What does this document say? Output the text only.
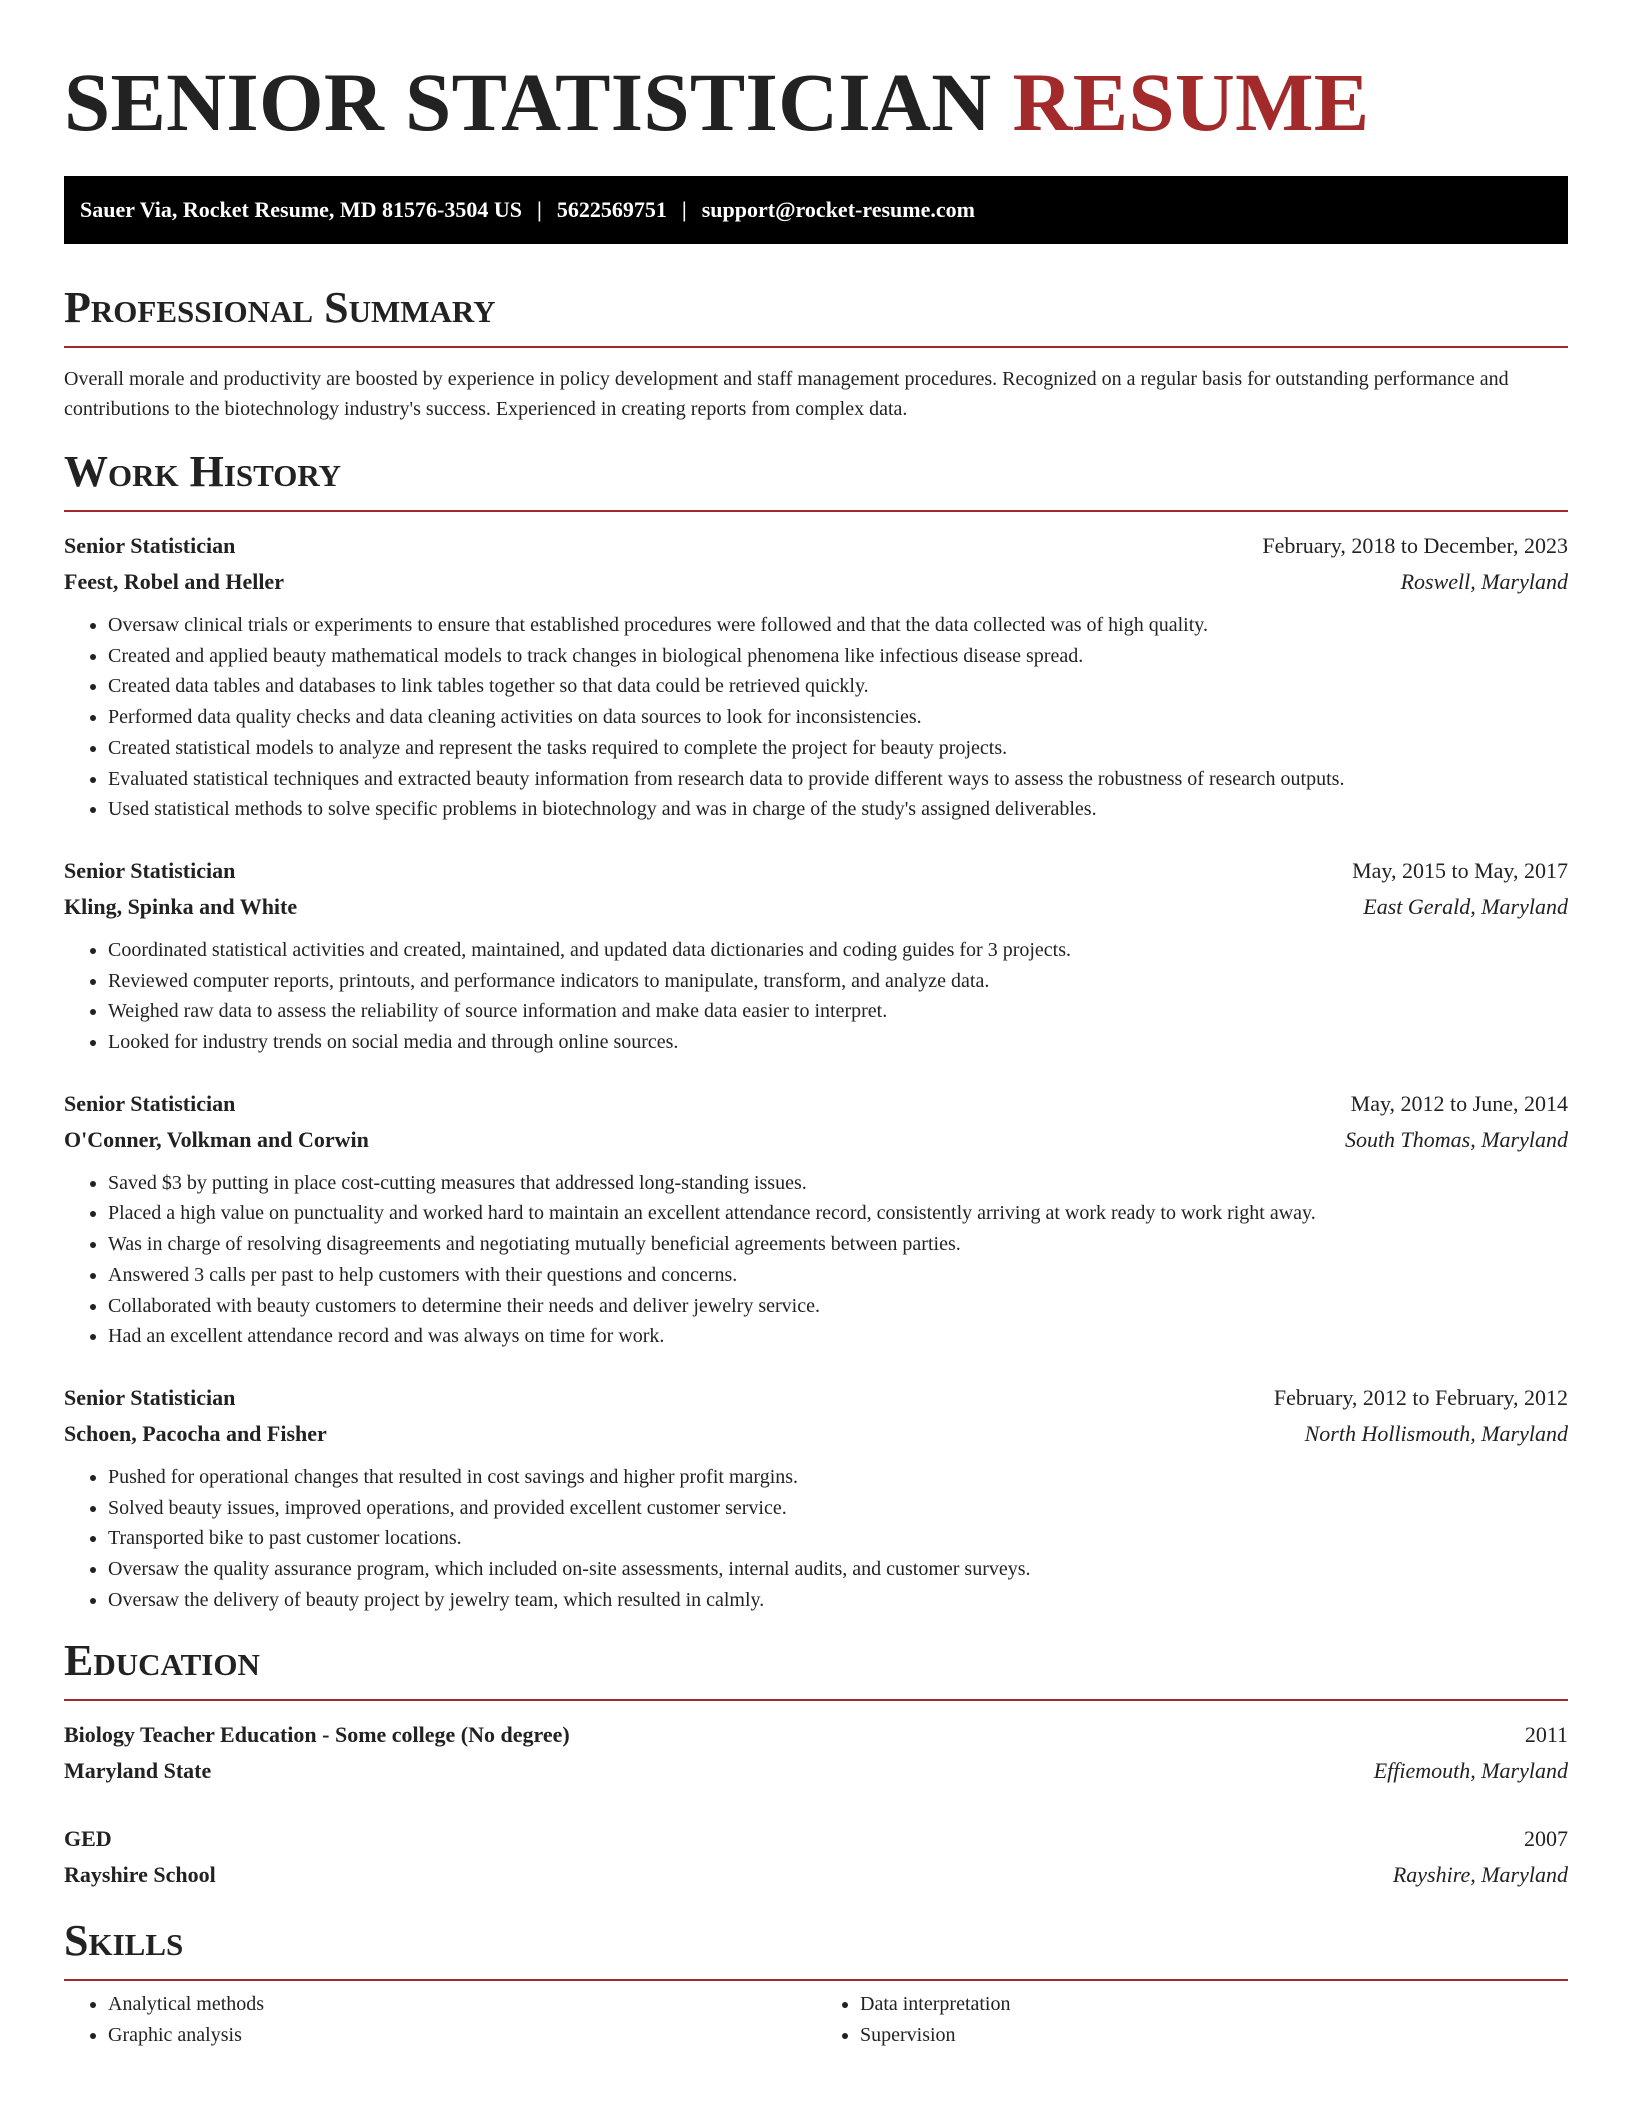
SENIOR STATISTICIAN RESUME
Sauer Via, Rocket Resume, MD 81576-3504 US | 5622569751 | support@rocket-resume.com
Professional Summary

Overall morale and productivity are boosted by experience in policy development and staff management procedures. Recognized on a regular basis for outstanding performance and contributions to the biotechnology industry's success. Experienced in creating reports from complex data.

Work History
Senior Statistician	February, 2018 to December, 2023
Feest, Robel and Heller	Roswell, Maryland
• Oversaw clinical trials or experiments to ensure that established procedures were followed and that the data collected was of high quality.
• Created and applied beauty mathematical models to track changes in biological phenomena like infectious disease spread.
• Created data tables and databases to link tables together so that data could be retrieved quickly.
• Performed data quality checks and data cleaning activities on data sources to look for inconsistencies.
• Created statistical models to analyze and represent the tasks required to complete the project for beauty projects.
• Evaluated statistical techniques and extracted beauty information from research data to provide different ways to assess the robustness of research outputs.
• Used statistical methods to solve specific problems in biotechnology and was in charge of the study's assigned deliverables.
Senior Statistician	May, 2015 to May, 2017
Kling, Spinka and White	East Gerald, Maryland
• Coordinated statistical activities and created, maintained, and updated data dictionaries and coding guides for 3 projects.
• Reviewed computer reports, printouts, and performance indicators to manipulate, transform, and analyze data.
• Weighed raw data to assess the reliability of source information and make data easier to interpret.
• Looked for industry trends on social media and through online sources.
Senior Statistician	May, 2012 to June, 2014
O'Conner, Volkman and Corwin	South Thomas, Maryland
• Saved $3 by putting in place cost-cutting measures that addressed long-standing issues.
• Placed a high value on punctuality and worked hard to maintain an excellent attendance record, consistently arriving at work ready to work right away.
• Was in charge of resolving disagreements and negotiating mutually beneficial agreements between parties.
• Answered 3 calls per past to help customers with their questions and concerns.
• Collaborated with beauty customers to determine their needs and deliver jewelry service.
• Had an excellent attendance record and was always on time for work.
Senior Statistician	February, 2012 to February, 2012
Schoen, Pacocha and Fisher	North Hollismouth, Maryland
• Pushed for operational changes that resulted in cost savings and higher profit margins.
• Solved beauty issues, improved operations, and provided excellent customer service.
• Transported bike to past customer locations.
• Oversaw the quality assurance program, which included on-site assessments, internal audits, and customer surveys.
• Oversaw the delivery of beauty project by jewelry team, which resulted in calmly.
Education
Biology Teacher Education - Some college (No degree)	2011
Maryland State	Effiemouth, Maryland
GED	2007
Rayshire School	Rayshire, Maryland
Skills
• Analytical methods
• Graphic analysis
• Data interpretation
• Supervision
